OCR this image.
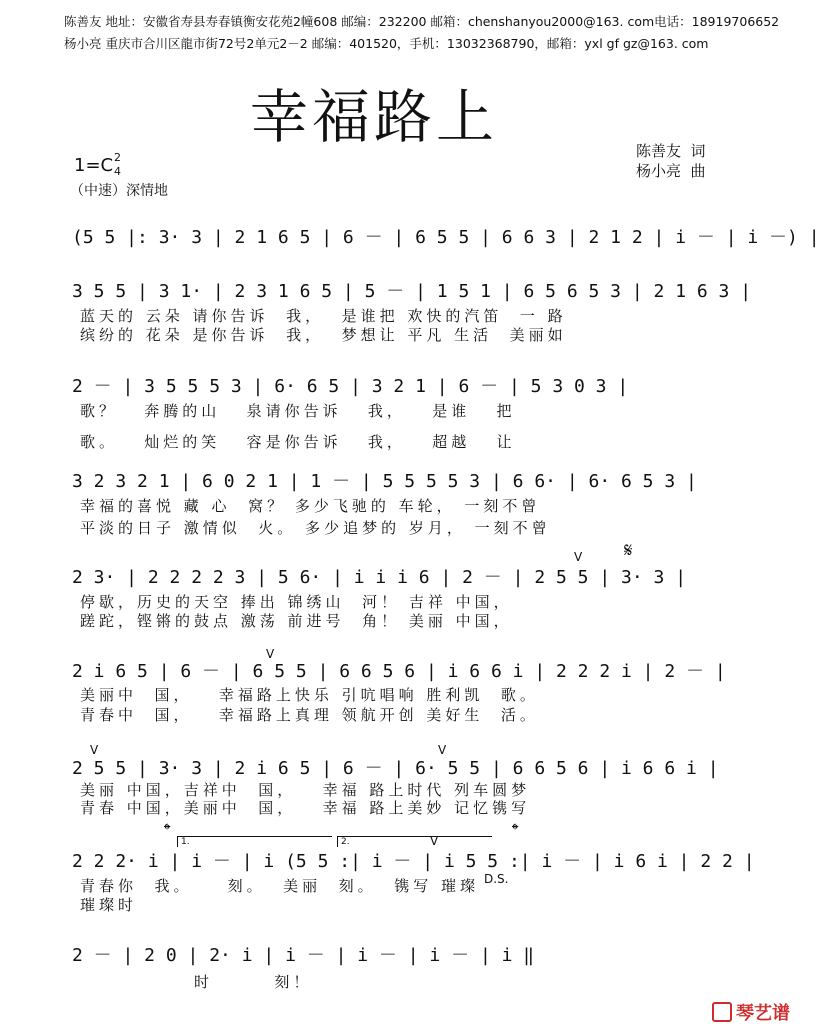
陈善友 地址：安徽省寿县寿春镇衡安花苑2幢608 邮编：232200 邮箱：chenshanyou2000@163. com电话：18919706652
杨小亮 重庆市合川区龍市街72号2单元2－2 邮编：401520，手机：13032368790，邮箱：yxl gf gz@163. com
幸福路上	陈善友  词
杨小亮  曲
1=C 2
4
（中速）深情地
(5 5 |: 3· 3 | 2 1 6 5 | 6 － | 6 5 5 | 6 6 3 | 2 1 2 | i － | i －) |
3 5 5 | 3 1· | 2 3 1 6 5 | 5 － | 1 5 1 | 6 5 6 5 3 | 2 1 6 3 |
蓝天的 云朵 请你告诉  我，  是谁把 欢快的汽笛  一 路
缤纷的 花朵 是你告诉  我，  梦想让 平凡 生活  美丽如
2 － | 3 5 5 5 3 | 6· 6 5 | 3 2 1 | 6 － | 5 3 0 3 |
歌？   奔腾的山   泉请你告诉   我，   是谁   把
歌。   灿烂的笑   容是你告诉   我，   超越   让
3 2 3 2 1 | 6 0 2 1 | 1 － | 5 5 5 5 3 | 6 6· | 6· 6 5 3 |
幸福的喜悦 藏 心  窝？ 多少飞驰的 车轮， 一刻不曾
平淡的日子 激情似  火。 多少追梦的 岁月， 一刻不曾
2 3· | 2 2 2 2 3 | 5 6· | i i i 6 | 2 － | 2 5 5 | 3· 3 |
停歇，历史的天空 捧出 锦绣山  河！ 吉祥 中国，
蹉跎，铿锵的鼓点 激荡 前进号  角！ 美丽 中国，
V 𝄋
2 i 6 5 | 6 － | 6 5 5 | 6 6 5 6 | i 6 6 i | 2 2 2 i | 2 － |
美丽中  国，   幸福路上快乐 引吭唱响 胜利凯  歌。
青春中  国，   幸福路上真理 领航开创 美好生  活。
V
2 5 5 | 3· 3 | 2 i 6 5 | 6 － | 6· 5 5 | 6 6 5 6 | i 6 6 i |
美丽 中国，吉祥中  国，   幸福 路上时代 列车圆梦
青春 中国，美丽中  国，   幸福 路上美妙 记忆镌写
V	V
𝄌	𝄌
1.	2.	V
2 2 2· i | i － | i (5 5 :| i － | i 5 5 :| i － | i 6 i | 2 2 |
青春你  我。    刻。  美丽  刻。  镌写 璀璨
璀璨时
D.S.
2 － | 2 0 | 2· i | i － | i － | i － | i ‖
时       刻！
琴艺谱
